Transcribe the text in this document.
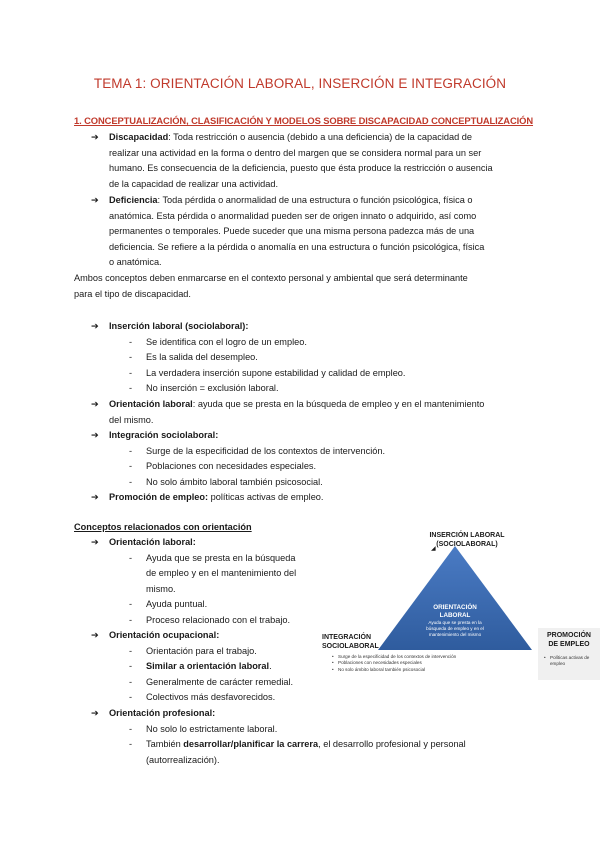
TEMA 1: ORIENTACIÓN LABORAL, INSERCIÓN E INTEGRACIÓN
1. CONCEPTUALIZACIÓN, CLASIFICACIÓN Y MODELOS SOBRE DISCAPACIDAD CONCEPTUALIZACIÓN
➔ Discapacidad: Toda restricción o ausencia (debido a una deficiencia) de la capacidad de
realizar una actividad en la forma o dentro del margen que se considera normal para un ser
humano. Es consecuencia de la deficiencia, puesto que ésta produce la restricción o ausencia
de la capacidad de realizar una actividad.
➔ Deficiencia: Toda pérdida o anormalidad de una estructura o función psicológica, física o
anatómica. Esta pérdida o anormalidad pueden ser de origen innato o adquirido, así como
permanentes o temporales. Puede suceder que una misma persona padezca más de una
deficiencia. Se refiere a la pérdida o anomalía en una estructura o función psicológica, física
o anatómica.
Ambos conceptos deben enmarcarse en el contexto personal y ambiental que será determinante
para el tipo de discapacidad.
➔ Inserción laboral (sociolaboral):
- Se identifica con el logro de un empleo.
- Es la salida del desempleo.
- La verdadera inserción supone estabilidad y calidad de empleo.
- No inserción = exclusión laboral.
➔ Orientación laboral: ayuda que se presta en la búsqueda de empleo y en el mantenimiento
del mismo.
➔ Integración sociolaboral:
- Surge de la especificidad de los contextos de intervención.
- Poblaciones con necesidades especiales.
- No solo ámbito laboral también psicosocial.
➔ Promoción de empleo: políticas activas de empleo.
Conceptos relacionados con orientación
➔ Orientación laboral:
- Ayuda que se presta en la búsqueda
de empleo y en el mantenimiento del
mismo.
- Ayuda puntual.
- Proceso relacionado con el trabajo.
➔ Orientación ocupacional:
- Orientación para el trabajo.
- Similar a orientación laboral.
- Generalmente de carácter remedial.
- Colectivos más desfavorecidos.
➔ Orientación profesional:
- No solo lo estrictamente laboral.
- También desarrollar/planificar la carrera, el desarrollo profesional y personal
(autorrealización).
INSERCIÓN LABORAL
(SOCIOLABORAL)
◢
ORIENTACIÓN
LABORAL
Ayuda que se presta en la
búsqueda de empleo y en el
mantenimiento del mismo
INTEGRACIÓN
SOCIOLABORAL
• Surge de la especificidad de los contextos de intervención
• Poblaciones con necesidades especiales
• No solo ámbito laboral también psicosocial
PROMOCIÓN
DE EMPLEO
• Políticas activas de empleo
